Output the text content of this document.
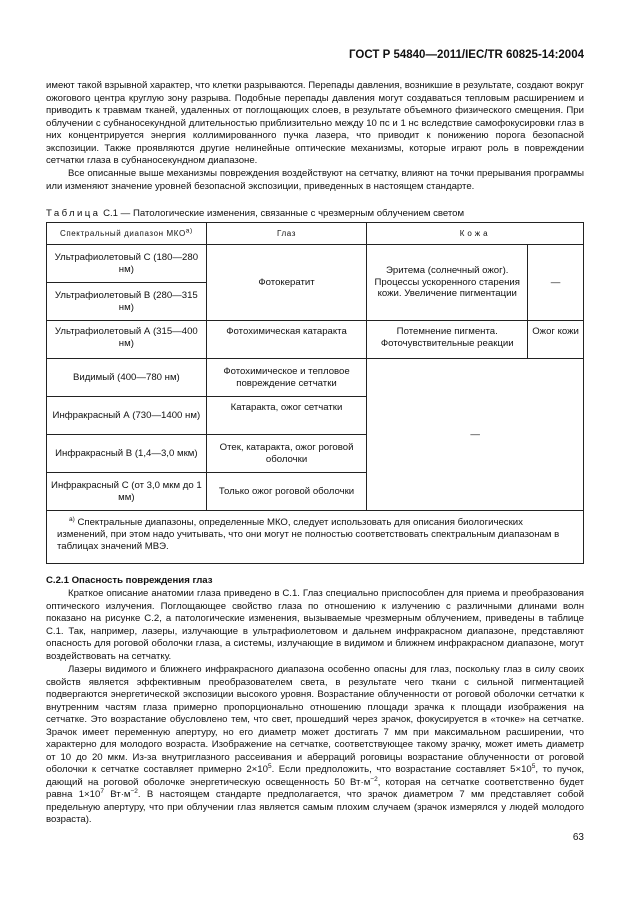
ГОСТ Р 54840—2011/IEC/TR 60825-14:2004

имеют такой взрывной характер, что клетки разрываются. Перепады давления, возникшие в результате, создают вокруг ожогового центра круглую зону разрыва. Подобные перепады давления могут создаваться тепловым расширением и приводить к травмам тканей, удаленных от поглощающих слоев, в результате объемного физического смещения. При облучении с субнаносекундной длительностью приблизительно между 10 пс и 1 нс вследствие самофокусировки глаз в них концентрируется энергия коллимированного пучка лазера, что приводит к понижению порога безопасной экспозиции. Также проявляются другие нелинейные оптические механизмы, которые играют роль в повреждении сетчатки глаза в субнаносекундном диапазоне.

Все описанные выше механизмы повреждения воздействуют на сетчатку, влияют на точки прерывания программы или изменяют значение уровней безопасной экспозиции, приведенных в настоящем стандарте.

Таблица С.1 — Патологические изменения, связанные с чрезмерным облучением светом
Спектральный диапазон $МКО^{а)}$	Глаз	Кожа	
Ультрафиолетовый С (180—280 нм)	Фотокератит	Эритема (солнечный ожог). Процессы ускоренного старения кожи. Увеличение пигментации	—
Ультрафиолетовый В (280—315 нм)			
Ультрафиолетовый А (315—400 нм)	Фотохимическая катаракта	Потемнение пигмента. Фоточувствительные реакции	Ожог кожи
Видимый (400—780 нм)	Фотохимическое и тепловое повреждение сетчатки	—	
Инфракрасный А (730—1400 нм)	Катаракта, ожог сетчатки		
Инфракрасный В (1,4—3,0 мкм)	Отек, катаракта, ожог роговой оболочки		
Инфракрасный С (от 3,0 мкм до 1 мм)	Только ожог роговой оболочки		

$^{а)}$ Спектральные диапазоны, определенные МКО, следует использовать для описания биологических изменений, при этом надо учитывать, что они могут не полностью соответствовать спектральным диапазонам в таблицах значений МВЭ.			
С.2.1 Опасность повреждения глаз

Краткое описание анатомии глаза приведено в С.1. Глаз специально приспособлен для приема и преобразования оптического излучения. Поглощающее свойство глаза по отношению к излучению с различными длинами волн показано на рисунке С.2, а патологические изменения, вызываемые чрезмерным облучением, приведены в таблице С.1. Так, например, лазеры, излучающие в ультрафиолетовом и дальнем инфракрасном диапазоне, представляют опасность для роговой оболочки глаза, а системы, излучающие в видимом и ближнем инфракрасном диапазоне, могут воздействовать на сетчатку.

Лазеры видимого и ближнего инфракрасного диапазона особенно опасны для глаз, поскольку глаз в силу своих свойств является эффективным преобразователем света, в результате чего ткани с сильной пигментацией подвергаются энергетической экспозиции высокого уровня. Возрастание облученности от роговой оболочки сетчатки к внутренним частям глаза примерно пропорционально отношению площади зрачка к площади изображения на сетчатке. Это возрастание обусловлено тем, что свет, прошедший через зрачок, фокусируется в «точке» на сетчатке. Зрачок имеет переменную апертуру, но его диаметр может достигать 7 мм при максимальном расширении, что характерно для молодого возраста. Изображение на сетчатке, соответствующее такому зрачку, может иметь диаметр от 10 до 20 мкм. Из-за внутриглазного рассеивания и аберраций роговицы возрастание облученности от роговой оболочки к сетчатке составляет примерно $2\times 10^5$. Если предположить, что возрастание составляет $5\times 10^5$, то пучок, дающий на роговой оболочке энергетическую освещенность 50 $Вт\cdot м^{-2}$, которая на сетчатке соответственно будет равна $1\times 10^7$ $Вт\cdot м^{-2}$. В настоящем стандарте предполагается, что зрачок диаметром 7 мм представляет собой предельную апертуру, что при облучении глаз является самым плохим случаем (зрачок измерялся у людей молодого возраста).

63
